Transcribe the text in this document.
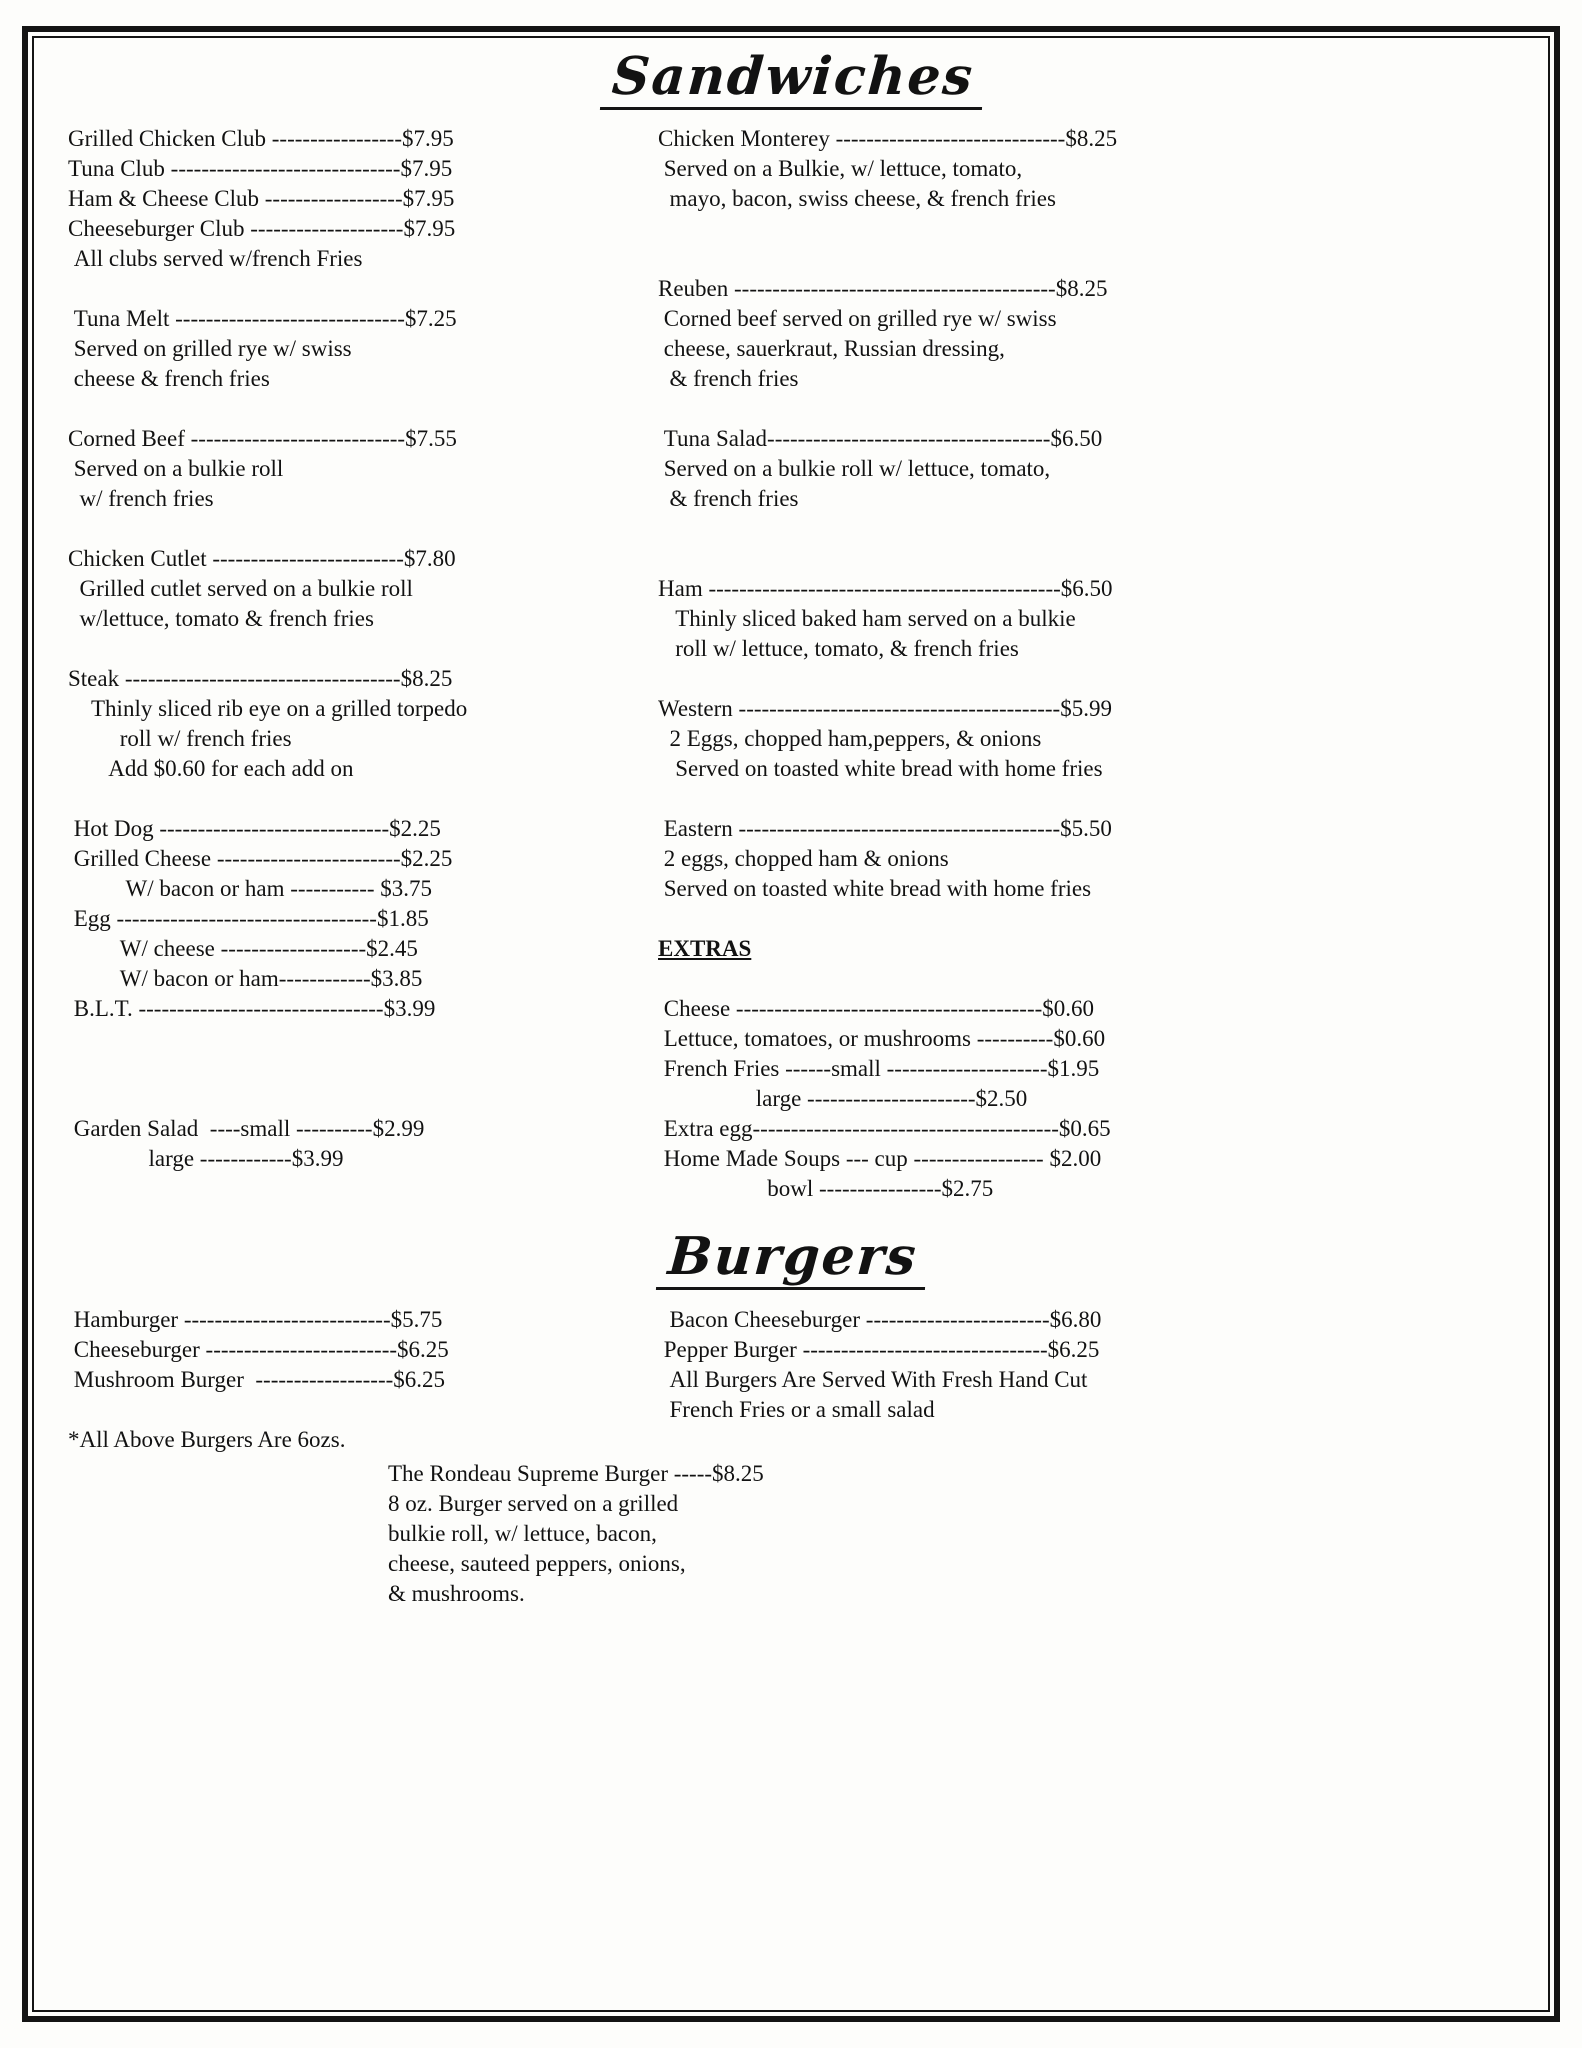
Sandwiches
Grilled Chicken Club -----------------$7.95
Tuna Club ------------------------------$7.95
Ham & Cheese Club ------------------$7.95
Cheeseburger Club --------------------$7.95
All clubs served w/french Fries
Tuna Melt ------------------------------$7.25
Served on grilled rye w/ swiss
cheese & french fries
Corned Beef ----------------------------$7.55
Served on a bulkie roll
w/ french fries
Chicken Cutlet -------------------------$7.80
Grilled cutlet served on a bulkie roll
w/lettuce, tomato & french fries
Steak ------------------------------------$8.25
Thinly sliced rib eye on a grilled torpedo
roll w/ french fries
Add $0.60 for each add on
Hot Dog ------------------------------$2.25
Grilled Cheese ------------------------$2.25
W/ bacon or ham ----------- $3.75
Egg ----------------------------------$1.85
W/ cheese -------------------$2.45
W/ bacon or ham------------$3.85
B.L.T. --------------------------------$3.99
Garden Salad  ----small ----------$2.99
large ------------$3.99
Chicken Monterey ------------------------------$8.25
Served on a Bulkie, w/ lettuce, tomato,
mayo, bacon, swiss cheese, & french fries
Reuben ------------------------------------------$8.25
Corned beef served on grilled rye w/ swiss
cheese, sauerkraut, Russian dressing,
& french fries
Tuna Salad-------------------------------------$6.50
Served on a bulkie roll w/ lettuce, tomato,
& french fries
Ham ----------------------------------------------$6.50
Thinly sliced baked ham served on a bulkie
roll w/ lettuce, tomato, & french fries
Western ------------------------------------------$5.99
2 Eggs, chopped ham,peppers, & onions
Served on toasted white bread with home fries
Eastern ------------------------------------------$5.50
2 eggs, chopped ham & onions
Served on toasted white bread with home fries
EXTRAS
Cheese ----------------------------------------$0.60
Lettuce, tomatoes, or mushrooms ----------$0.60
French Fries ------small ---------------------$1.95
large ----------------------$2.50
Extra egg----------------------------------------$0.65
Home Made Soups --- cup ----------------- $2.00
bowl ----------------$2.75
Burgers
Hamburger ---------------------------$5.75
Cheeseburger -------------------------$6.25
Mushroom Burger  ------------------$6.25
*All Above Burgers Are 6ozs.
Bacon Cheeseburger ------------------------$6.80
Pepper Burger --------------------------------$6.25
All Burgers Are Served With Fresh Hand Cut
French Fries or a small salad
The Rondeau Supreme Burger -----$8.25
8 oz. Burger served on a grilled
bulkie roll, w/ lettuce, bacon,
cheese, sauteed peppers, onions,
& mushrooms.
